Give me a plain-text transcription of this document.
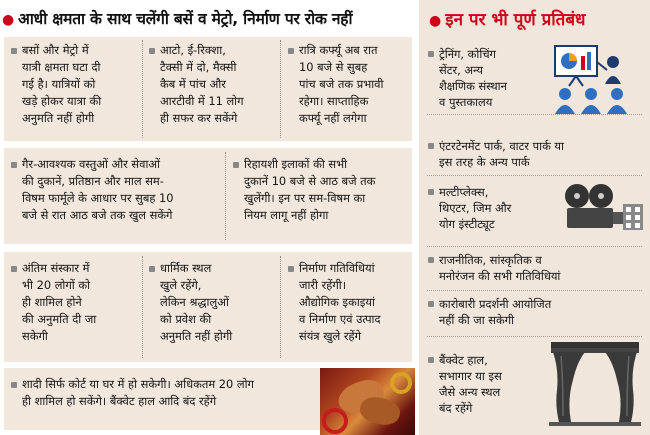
● आधी क्षमता के साथ चलेंगी बसें व मेट्रो, निर्माण पर रोक नहीं
बसों और मेट्रो में
यात्री क्षमता घटा दी
गई है। यात्रियों को
खड़े होकर यात्रा की
अनुमति नहीं होगी
आटो, ई-रिक्शा,
टैक्सी में दो, मैक्सी
कैब में पांच और
आरटीवी में 11 लोग
ही सफर कर सकेंगे
रात्रि कर्फ्यू अब रात
10 बजे से सुबह
पांच बजे तक प्रभावी
रहेगा। साप्ताहिक
कर्फ्यू नहीं लगेगा
गैर-आवश्यक वस्तुओं और सेवाओं
की दुकानें, प्रतिष्ठान और माल सम-
विषम फार्मूले के आधार पर सुबह 10
बजे से रात आठ बजे तक खुल सकेंगे
रिहायशी इलाकों की सभी
दुकानें 10 बजे से आठ बजे तक
खुलेंगी। इन पर सम-विषम का
नियम लागू नहीं होगा
अंतिम संस्कार में
भी 20 लोगों को
ही शामिल होने
की अनुमति दी जा
सकेगी
धार्मिक स्थल
खुले रहेंगे,
लेकिन श्रद्धालुओं
को प्रवेश की
अनुमति नहीं होगी
निर्माण गतिविधियां
जारी रहेंगी।
औद्योगिक इकाइयां
व निर्माण एवं उत्पाद
संयंत्र खुले रहेंगे
शादी सिर्फ कोर्ट या घर में हो सकेगी। अधिकतम 20 लोग
ही शामिल हो सकेंगे। बैंक्वेट हाल आदि बंद रहेंगे
● इन पर भी पूर्ण प्रतिबंध
ट्रेनिंग, कोचिंग
सेंटर, अन्य
शैक्षणिक संस्थान
व पुस्तकालय
एंटरटेनमेंट पार्क, वाटर पार्क या
इस तरह के अन्य पार्क
मल्टीप्लेक्स,
थिएटर, जिम और
योग इंस्टीट्यूट
राजनीतिक, सांस्कृतिक व
मनोरंजन की सभी गतिविधियां
कारोबारी प्रदर्शनी आयोजित
नहीं की जा सकेगी
बैंक्वेट हाल,
सभागार या इस
जैसे अन्य स्थल
बंद रहेंगे
